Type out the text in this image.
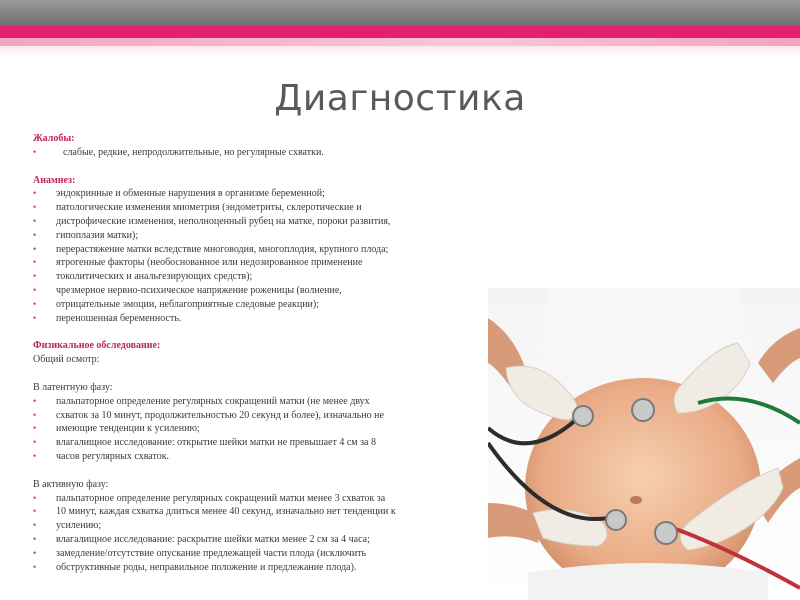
Диагностика
Жалобы:
• слабые, редкие, непродолжительные, но регулярные схватки.
Анамнез:
• эндокринные и обменные нарушения в организме беременной;
• патологические изменения миометрия (эндометриты, склеротические и
• дистрофические изменения, неполноценный рубец на матке, пороки развития,
• гипоплазия матки);
• перерастяжение матки вследствие многоводия, многоплодия, крупного плода;
• ятрогенные факторы (необоснованное или недозированное применение
• токолитических и анальгезирующих средств);
• чрезмерное нервно-психическое напряжение роженицы (волнение,
• отрицательные эмоции, неблагоприятные следовые реакции);
• переношенная беременность.
Физикальное обследование:
Общий осмотр:
В латентную фазу:
• пальпаторное определение регулярных сокращений матки (не менее двух
• схваток за 10 минут, продолжительностью 20 секунд и более), изначально не
• имеющие тенденции к усилению;
• влагалищное исследование: открытие шейки матки не превышает 4 см за 8
• часов регулярных схваток.
В активную фазу:
• пальпаторное определение регулярных сокращений матки менее 3 схваток за
• 10 минут, каждая схватка длиться менее 40 секунд, изначально нет тенденции к
• усилению;
• влагалищное исследование: раскрытие шейки матки менее 2 см за 4 часа;
• замедление/отсутствие опускание предлежащей части плода (исключить
• обструктивные роды, неправильное положение и предлежание плода).
